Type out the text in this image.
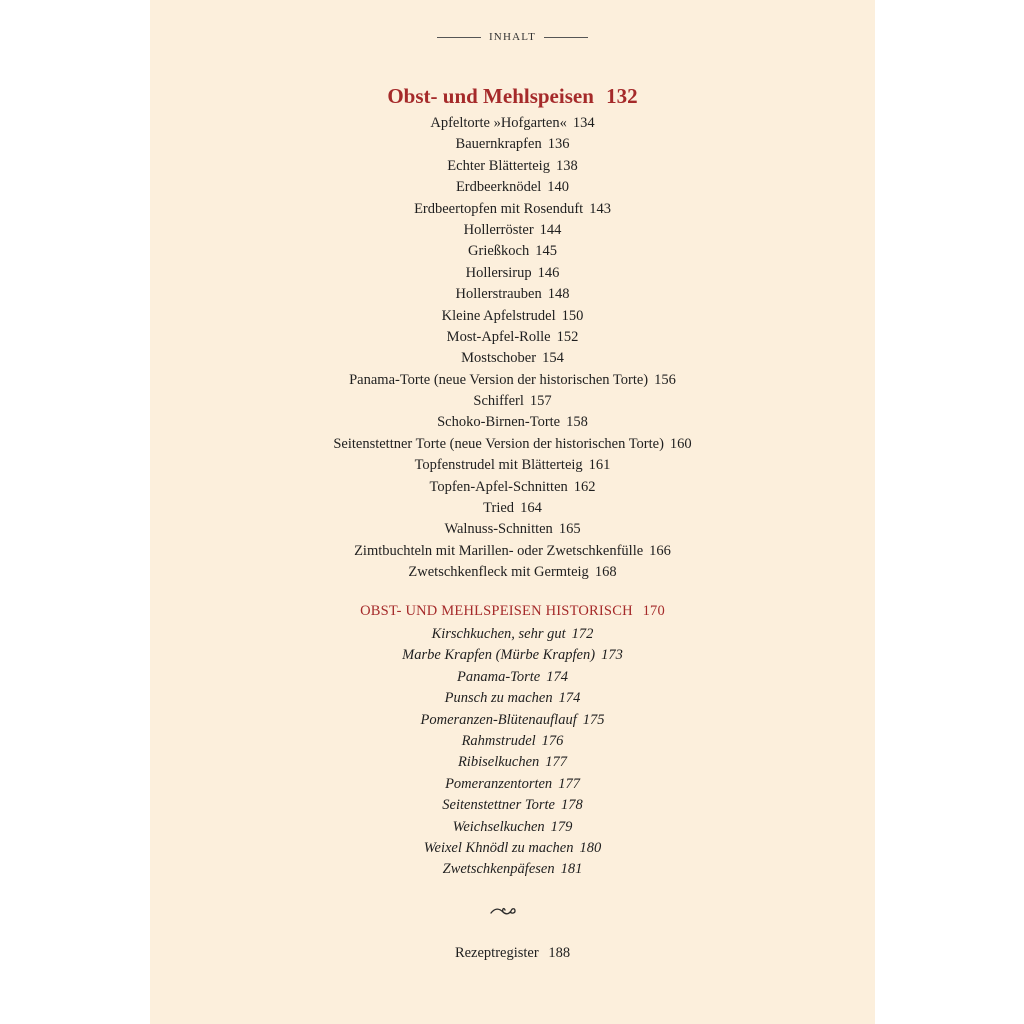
INHALT
Obst- und Mehlspeisen 132
Apfeltorte »Hofgarten« 134
Bauernkrapfen 136
Echter Blätterteig 138
Erdbeerknödel 140
Erdbeertopfen mit Rosenduft 143
Hollerröster 144
Grießkoch 145
Hollersirup 146
Hollerstrauben 148
Kleine Apfelstrudel 150
Most-Apfel-Rolle 152
Mostschober 154
Panama-Torte (neue Version der historischen Torte) 156
Schifferl 157
Schoko-Birnen-Torte 158
Seitenstettner Torte (neue Version der historischen Torte) 160
Topfenstrudel mit Blätterteig 161
Topfen-Apfel-Schnitten 162
Tried 164
Walnuss-Schnitten 165
Zimtbuchteln mit Marillen- oder Zwetschkenfülle 166
Zwetschkenfleck mit Germteig 168
OBST- UND MEHLSPEISEN HISTORISCH 170
Kirschkuchen, sehr gut 172
Marbe Krapfen (Mürbe Krapfen) 173
Panama-Torte 174
Punsch zu machen 174
Pomeranzen-Blütenauflauf 175
Rahmstrudel 176
Ribiselkuchen 177
Pomeranzentorten 177
Seitenstettner Torte 178
Weichselkuchen 179
Weixel Khnödl zu machen 180
Zwetschkenpäfesen 181
Rezeptregister 188
